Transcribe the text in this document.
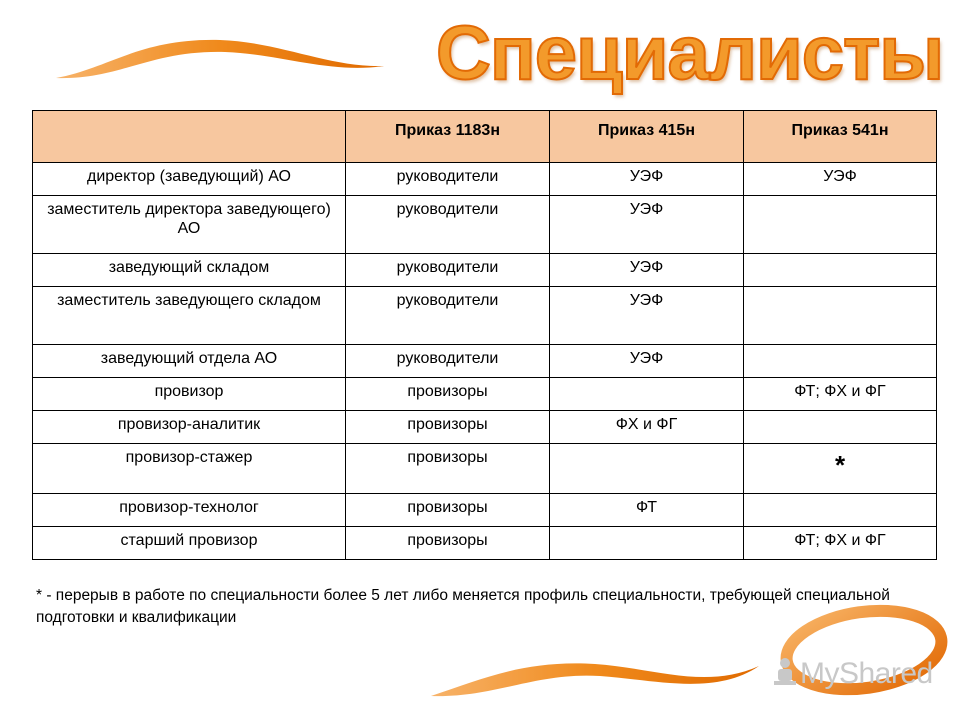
MyShared
Специалисты
	Приказ 1183н	Приказ 415н	Приказ 541н
директор (заведующий) АО	руководители	УЭФ	УЭФ
заместитель директора заведующего) АО	руководители	УЭФ	
заведующий складом	руководители	УЭФ	
заместитель заведующего складом	руководители	УЭФ	
заведующий отдела АО	руководители	УЭФ	
провизор	провизоры		ФТ; ФХ и ФГ
провизор-аналитик	провизоры	ФХ и ФГ	
провизор-стажер	провизоры		*
провизор-технолог	провизоры	ФТ	
старший провизор	провизоры		ФТ; ФХ и ФГ
* - перерыв в работе по специальности более 5 лет либо меняется профиль специальности, требующей специальной подготовки и квалификации
